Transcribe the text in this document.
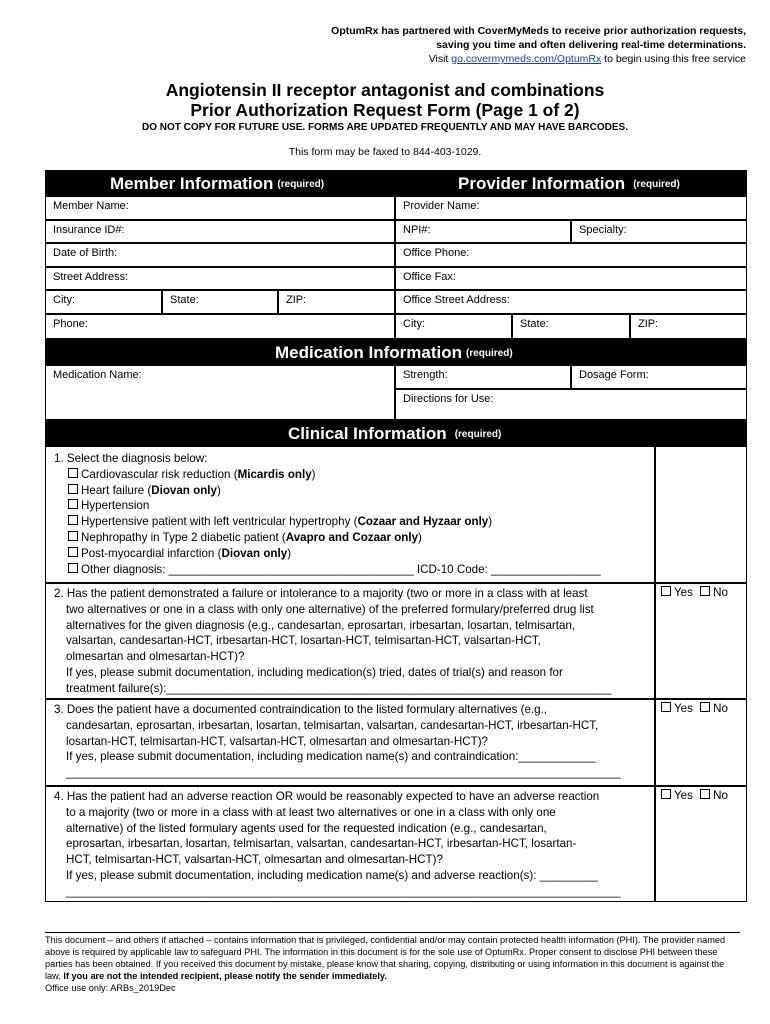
OptumRx has partnered with CoverMyMeds to receive prior authorization requests,
saving you time and often delivering real-time determinations.
Visit go.covermymeds.com/OptumRx to begin using this free service
Angiotensin II receptor antagonist and combinations
Prior Authorization Request Form (Page 1 of 2)
DO NOT COPY FOR FUTURE USE. FORMS ARE UPDATED FREQUENTLY AND MAY HAVE BARCODES.
This form may be faxed to 844-403-1029.
Member Information (required)	Provider Information (required)
Member Name:
Insurance ID#:
Date of Birth:
Street Address:
City:	State:	ZIP:
Phone:
Provider Name:
NPI#:	Specialty:
Office Phone:
Office Fax:
Office Street Address:
City:	State:	ZIP:
Medication Information (required)
Medication Name:	Strength:	Dosage Form:
Directions for Use:
Clinical Information (required)
1. Select the diagnosis below:
Cardiovascular risk reduction (Micardis only)
Heart failure (Diovan only)
Hypertension
Hypertensive patient with left ventricular hypertrophy (Cozaar and Hyzaar only)
Nephropathy in Type 2 diabetic patient (Avapro and Cozaar only)
Post-myocardial infarction (Diovan only)
Other diagnosis: ______________________________________ ICD-10 Code: _________________
2. Has the patient demonstrated a failure or intolerance to a majority (two or more in a class with at least
two alternatives or one in a class with only one alternative) of the preferred formulary/preferred drug list
alternatives for the given diagnosis (e.g., candesartan, eprosartan, irbesartan, losartan, telmisartan,
valsartan, candesartan-HCT, irbesartan-HCT, losartan-HCT, telmisartan-HCT, valsartan-HCT,
olmesartan and olmesartan-HCT)?
If yes, please submit documentation, including medication(s) tried, dates of trial(s) and reason for
treatment failure(s):_____________________________________________________________________
Yes No
3. Does the patient have a documented contraindication to the listed formulary alternatives (e.g.,
candesartan, eprosartan, irbesartan, losartan, telmisartan, valsartan, candesartan-HCT, irbesartan-HCT,
losartan-HCT, telmisartan-HCT, valsartan-HCT, olmesartan and olmesartan-HCT)?
If yes, please submit documentation, including medication name(s) and contraindication:____________
______________________________________________________________________________________
Yes No
4. Has the patient had an adverse reaction OR would be reasonably expected to have an adverse reaction
to a majority (two or more in a class with at least two alternatives or one in a class with only one
alternative) of the listed formulary agents used for the requested indication (e.g., candesartan,
eprosartan, irbesartan, losartan, telmisartan, valsartan, candesartan-HCT, irbesartan-HCT, losartan-
HCT, telmisartan-HCT, valsartan-HCT, olmesartan and olmesartan-HCT)?
If yes, please submit documentation, including medication name(s) and adverse reaction(s): _________
______________________________________________________________________________________
Yes No
This document – and others if attached – contains information that is privileged, confidential and/or may contain protected health information (PHI). The provider named above is required by applicable law to safeguard PHI. The information in this document is for the sole use of OptumRx. Proper consent to disclose PHI between these parties has been obtained. If you received this document by mistake, please know that sharing, copying, distributing or using information in this document is against the law. If you are not the intended recipient, please notify the sender immediately.
Office use only: ARBs_2019Dec
